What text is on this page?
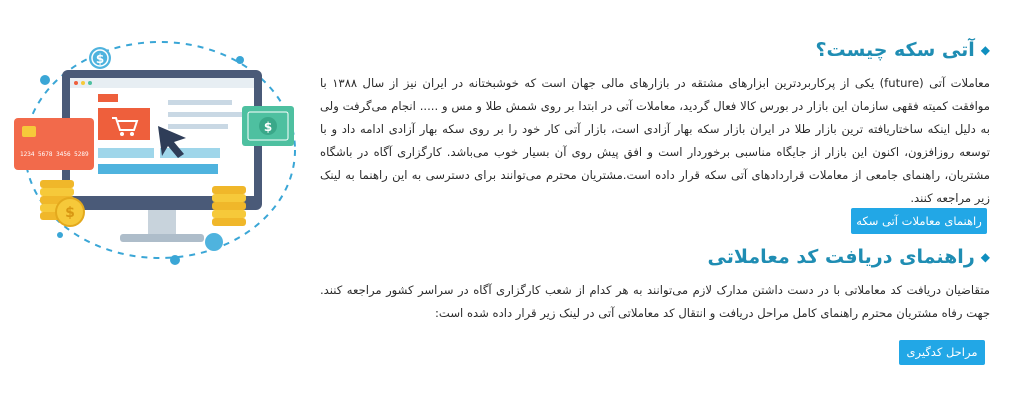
$
1234 5678 3456 5289
$
$
◆
آتی سکه چیست؟
معاملات آتی (future) یکی از پرکاربردترین ابزارهای مشتقه در بازارهای مالی جهان است که خوشبختانه در ایران نیز از سال ۱۳۸۸ با موافقت کمیته فقهی سازمان این بازار در بورس کالا فعال گردید، معاملات آتی در ابتدا بر روی شمش طلا و مس و ..... انجام می‌گرفت ولی به دلیل اینکه ساختاریافته ترین بازار طلا در ایران بازار سکه بهار آزادی است، بازار آتی کار خود را بر روی سکه بهار آزادی ادامه داد و با توسعه روزافزون، اکنون این بازار از جایگاه مناسبی برخوردار است و افق پیش روی آن بسیار خوب می‌باشد. کارگزاری آگاه در باشگاه مشتریان، راهنمای جامعی از معاملات قراردادهای آتی سکه قرار داده است.مشتریان محترم می‌توانند برای دسترسی به این راهنما به لینک زیر مراجعه کنند.
راهنمای معاملات آتی سکه
◆
راهنمای دریافت کد معاملاتی
متقاضیان دریافت کد معاملاتی با در دست داشتن مدارک لازم می‌توانند به هر کدام از شعب کارگزاری آگاه در سراسر کشور مراجعه کنند. جهت رفاه مشتریان محترم راهنمای کامل مراحل دریافت و انتقال کد معاملاتی آتی در لینک زیر قرار داده شده است:
مراحل کدگیری
